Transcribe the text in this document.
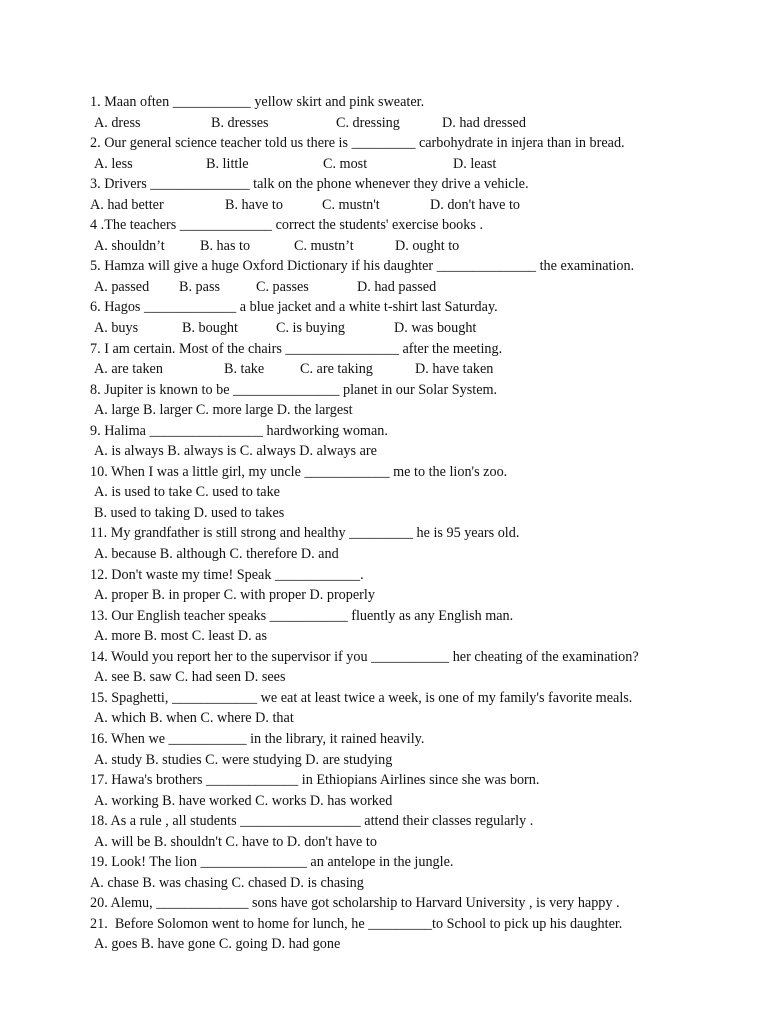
1. Maan often ___________ yellow skirt and pink sweater.

A. dress

	B. dresses

	C. dressing

	D. had dressed

2. Our general science teacher told us there is _________ carbohydrate in injera than in bread.

A. less

	B. little

	C. most

	D. least

3. Drivers ______________ talk on the phone whenever they drive a vehicle.

A. had better

	B. have to

	C. mustn't

	D. don't have to

4 .The teachers _____________ correct the students' exercise books .

A. shouldn’t

B. has to

	C. mustn’t

	D. ought to

5. Hamza will give a huge Oxford Dictionary if his daughter ______________ the examination.

A. passed

B. pass

	C. passes

	D. had passed

6. Hagos _____________ a blue jacket and a white t-shirt last Saturday.

A. buys

	B. bought

	C. is buying

	D. was bought

7. I am certain. Most of the chairs ________________ after the meeting.

A. are taken

	B. take

	C. are taking

	D. have taken

8. Jupiter is known to be _______________ planet in our Solar System.
A. large B. larger C. more large D. the largest
9. Halima ________________ hardworking woman.
A. is always B. always is C. always D. always are
10. When I was a little girl, my uncle ____________ me to the lion's zoo.
A. is used to take C. used to take
B. used to taking D. used to takes
11. My grandfather is still strong and healthy _________ he is 95 years old.
A. because B. although C. therefore D. and
12. Don't waste my time! Speak ____________.
A. proper B. in proper C. with proper D. properly
13. Our English teacher speaks ___________ fluently as any English man.
A. more B. most C. least D. as
14. Would you report her to the supervisor if you ___________ her cheating of the examination?
A. see B. saw C. had seen D. sees
15. Spaghetti, ____________ we eat at least twice a week, is one of my family's favorite meals.
A. which B. when C. where D. that
16. When we ___________ in the library, it rained heavily.
A. study B. studies C. were studying D. are studying
17. Hawa's brothers _____________ in Ethiopians Airlines since she was born.
A. working B. have worked C. works D. has worked
18. As a rule , all students _________________ attend their classes regularly .
A. will be B. shouldn't C. have to D. don't have to
19. Look! The lion _______________ an antelope in the jungle.
A. chase B. was chasing C. chased D. is chasing
20. Alemu, _____________ sons have got scholarship to Harvard University , is very happy .
21.  Before Solomon went to home for lunch, he _________to School to pick up his daughter.
A. goes B. have gone C. going D. had gone
